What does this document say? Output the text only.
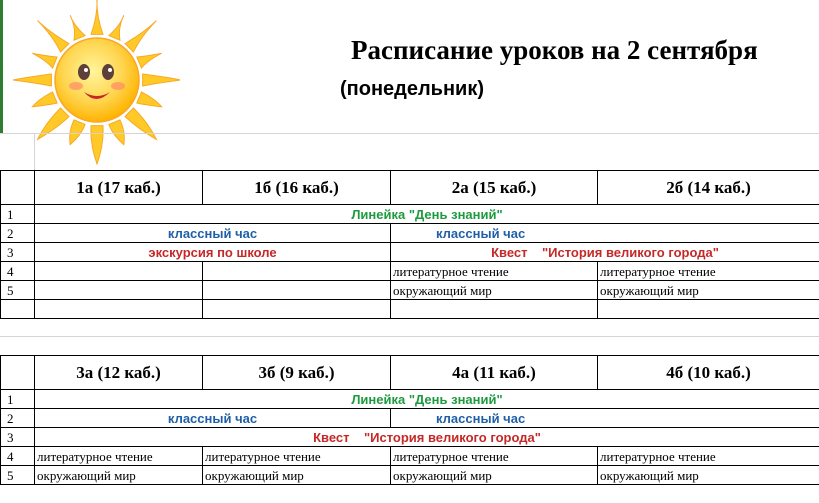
Расписание уроков на 2 сентября
(понедельник)
	1а (17 каб.)	1б (16 каб.)	2а (15 каб.)	2б (14 каб.)
1	Линейка "День знаний"			
2	классный час		классный час	
3	экскурсия по школе		Квест    "История великого города"	
4			литературное чтение	литературное чтение
5			окружающий мир	окружающий мир

	3а (12 каб.)	3б (9 каб.)	4а (11 каб.)	4б (10 каб.)
1	Линейка "День знаний"			
2	классный час		классный час	
3	Квест    "История великого города"			
4	литературное чтение	литературное чтение	литературное чтение	литературное чтение
5	окружающий мир	окружающий мир	окружающий мир	окружающий мир
